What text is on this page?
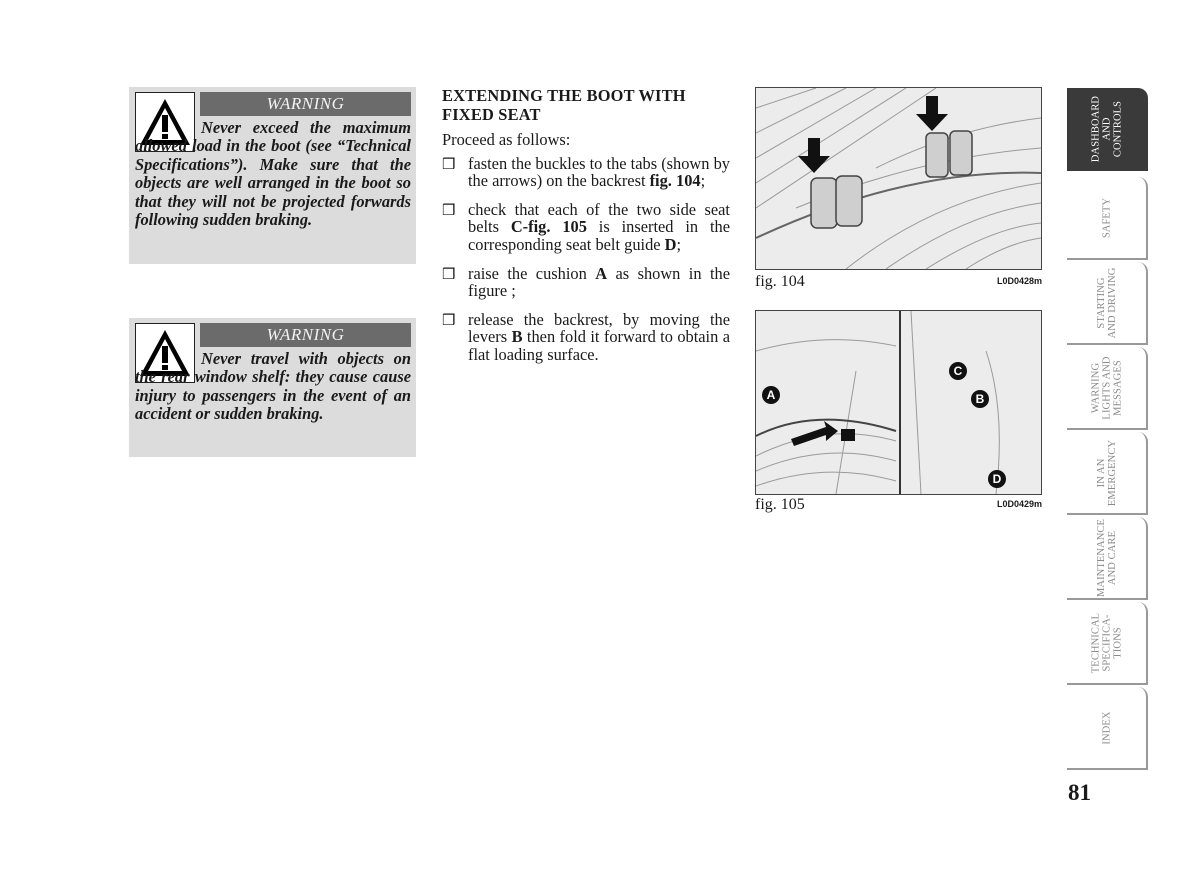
WARNING
Never exceed the maximum allowed load in the boot (see “Technical Specifications”). Make sure that the objects are well arranged in the boot so that they will not be projected forwards following sudden braking.
WARNING
Never travel with objects on the rear window shelf: they cause cause injury to passengers in the event of an accident or sudden braking.
EXTENDING THE BOOT WITH FIXED SEAT

Proceed as follows:

❒ fasten the buckles to the tabs (shown by the arrows) on the backrest fig. 104;
❒ check that each of the two side seat belts C-fig. 105 is inserted in the corresponding seat belt guide D;
❒ raise the cushion A as shown in the figure ;
❒ release the backrest, by moving the levers B then fold it forward to obtain a flat loading surface.
fig. 104	L0D0428m
A	B
C
D
fig. 105	L0D0429m
DASHBOARD
AND
CONTROLS
SAFETY
STARTING
AND DRIVING
WARNING
LIGHTS AND
MESSAGES
IN AN
EMERGENCY
MAINTENANCE
AND CARE
TECHNICAL
SPECIFICA-
TIONS
INDEX
81
